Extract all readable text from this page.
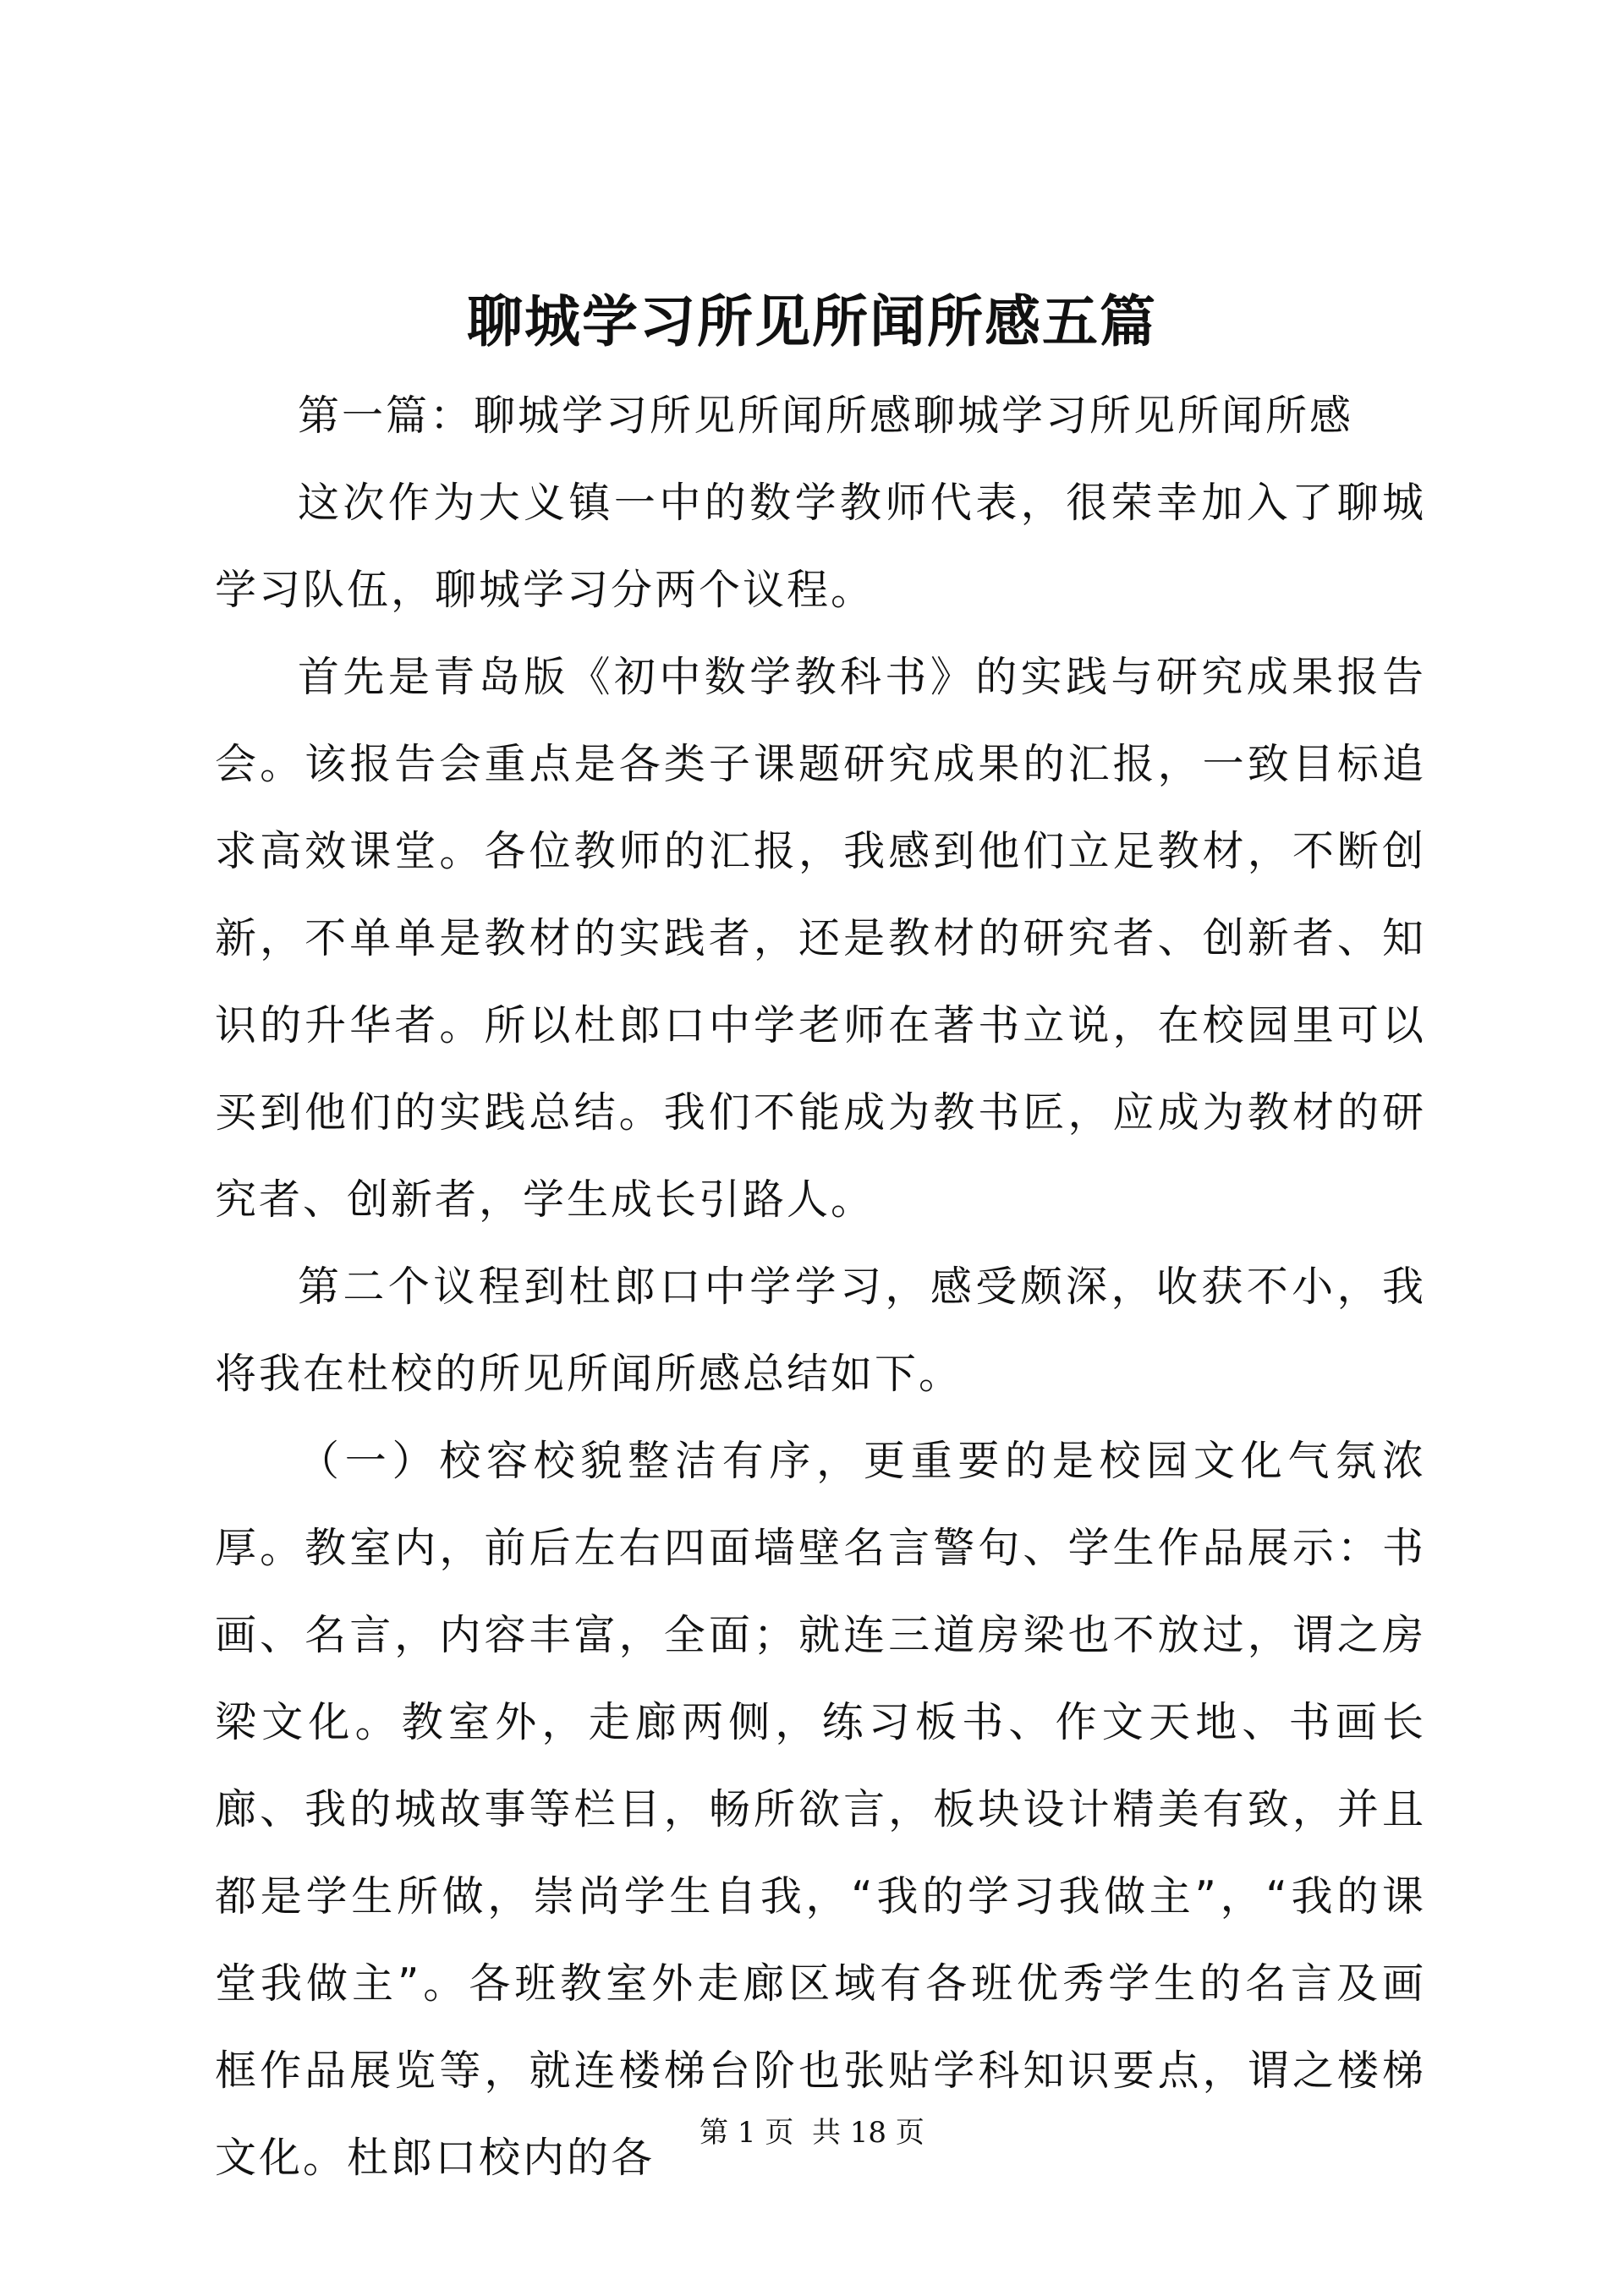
聊城学习所见所闻所感五篇

第一篇：聊城学习所见所闻所感聊城学习所见所闻所感

这次作为大义镇一中的数学教师代表，很荣幸加入了聊城学习队伍，聊城学习分两个议程。

首先是青岛版《初中数学教科书》的实践与研究成果报告会。该报告会重点是各类子课题研究成果的汇报，一致目标追求高效课堂。各位教师的汇报，我感到他们立足教材，不断创新，不单单是教材的实践者，还是教材的研究者、创新者、知识的升华者。所以杜郎口中学老师在著书立说，在校园里可以买到他们的实践总结。我们不能成为教书匠，应成为教材的研究者、创新者，学生成长引路人。

第二个议程到杜郎口中学学习，感受颇深，收获不小，我将我在杜校的所见所闻所感总结如下。

（一）校容校貌整洁有序，更重要的是校园文化气氛浓厚。教室内，前后左右四面墙壁名言警句、学生作品展示：书画、名言，内容丰富，全面；就连三道房梁也不放过，谓之房梁文化。教室外，走廊两侧，练习板书、作文天地、书画长廊、我的城故事等栏目，畅所欲言，板块设计精美有致，并且都是学生所做，崇尚学生自我，“我的学习我做主”，“我的课堂我做主”。各班教室外走廊区域有各班优秀学生的名言及画框作品展览等，就连楼梯台阶也张贴学科知识要点，谓之楼梯文化。杜郎口校内的各

第 1 页 共 18 页
